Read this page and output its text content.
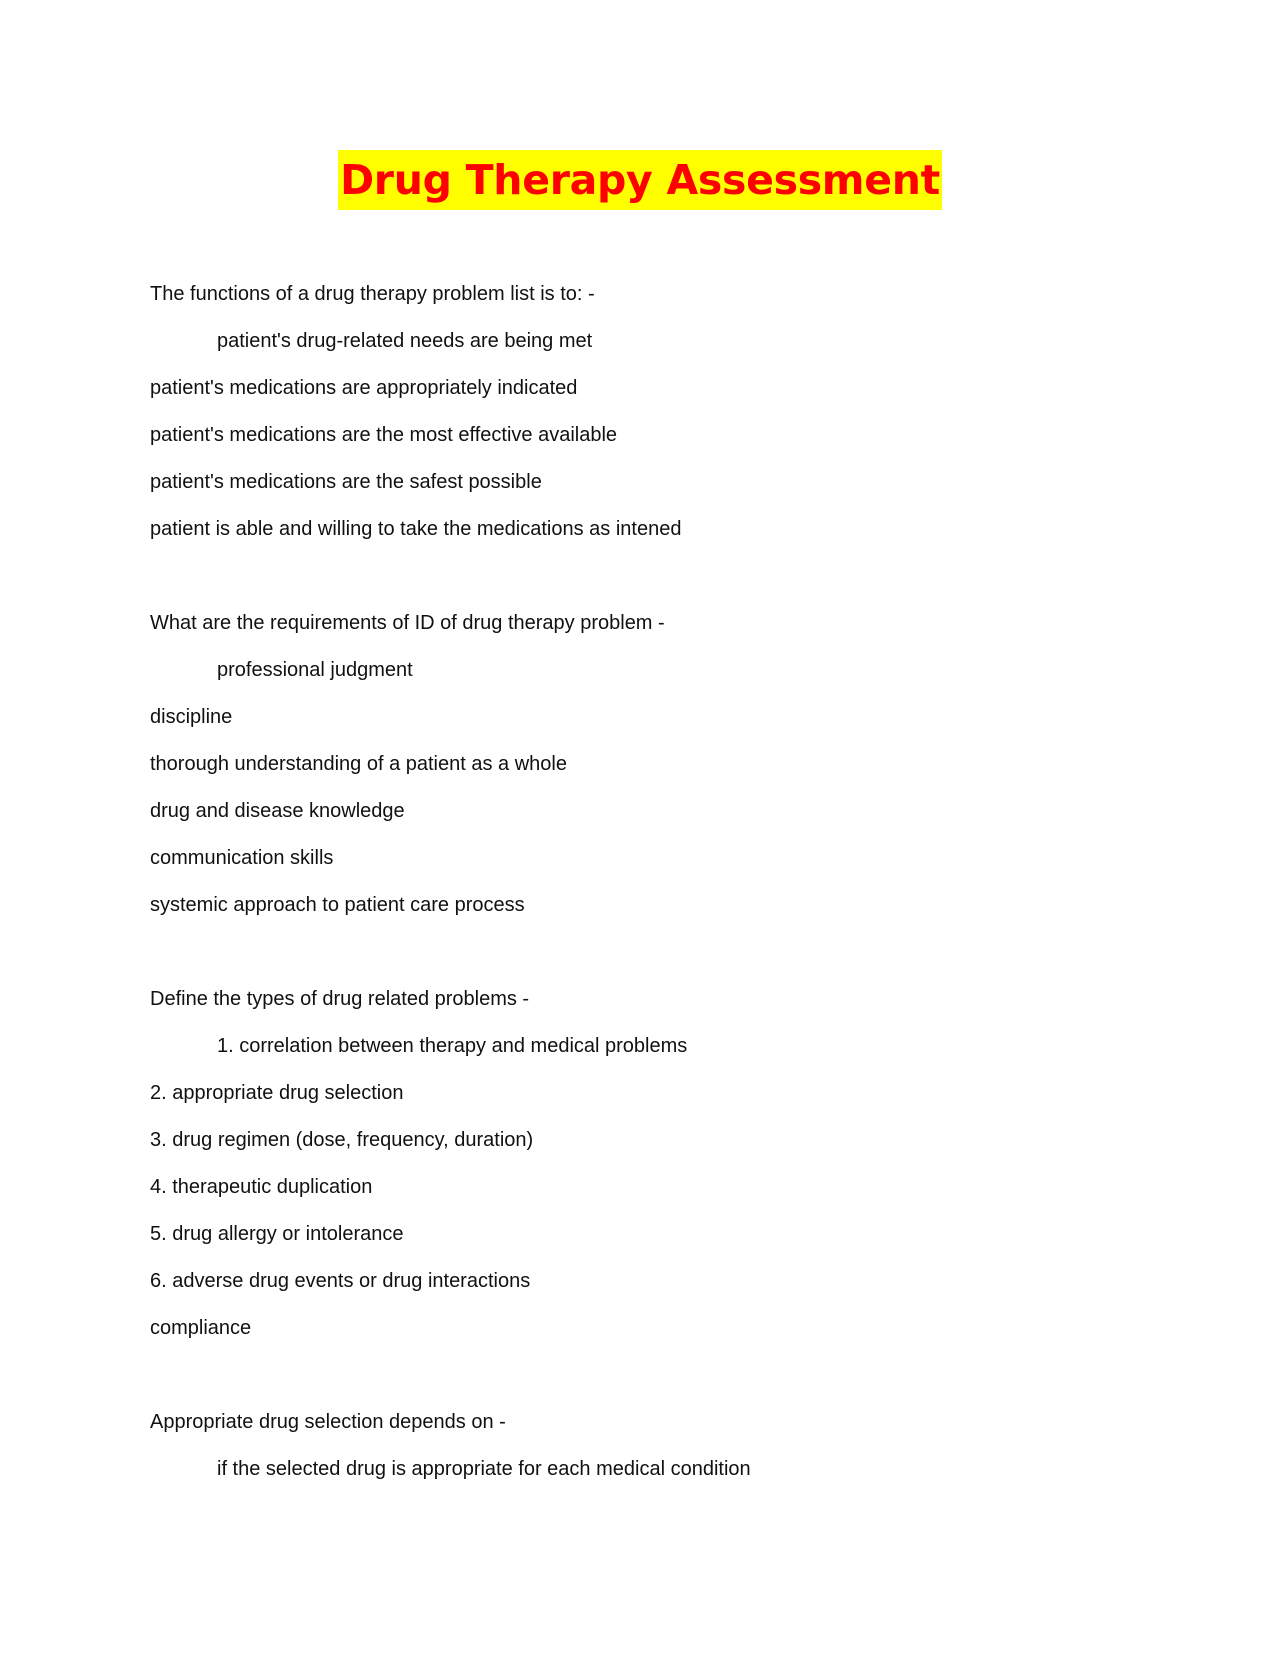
Drug Therapy Assessment
The functions of a drug therapy problem list is to: -
patient's drug-related needs are being met
patient's medications are appropriately indicated
patient's medications are the most effective available
patient's medications are the safest possible
patient is able and willing to take the medications as intened
What are the requirements of ID of drug therapy problem -
professional judgment
discipline
thorough understanding of a patient as a whole
drug and disease knowledge
communication skills
systemic approach to patient care process
Define the types of drug related problems -
1. correlation between therapy and medical problems
2. appropriate drug selection
3. drug regimen (dose, frequency, duration)
4. therapeutic duplication
5. drug allergy or intolerance
6. adverse drug events or drug interactions
compliance
Appropriate drug selection depends on -
if the selected drug is appropriate for each medical condition
